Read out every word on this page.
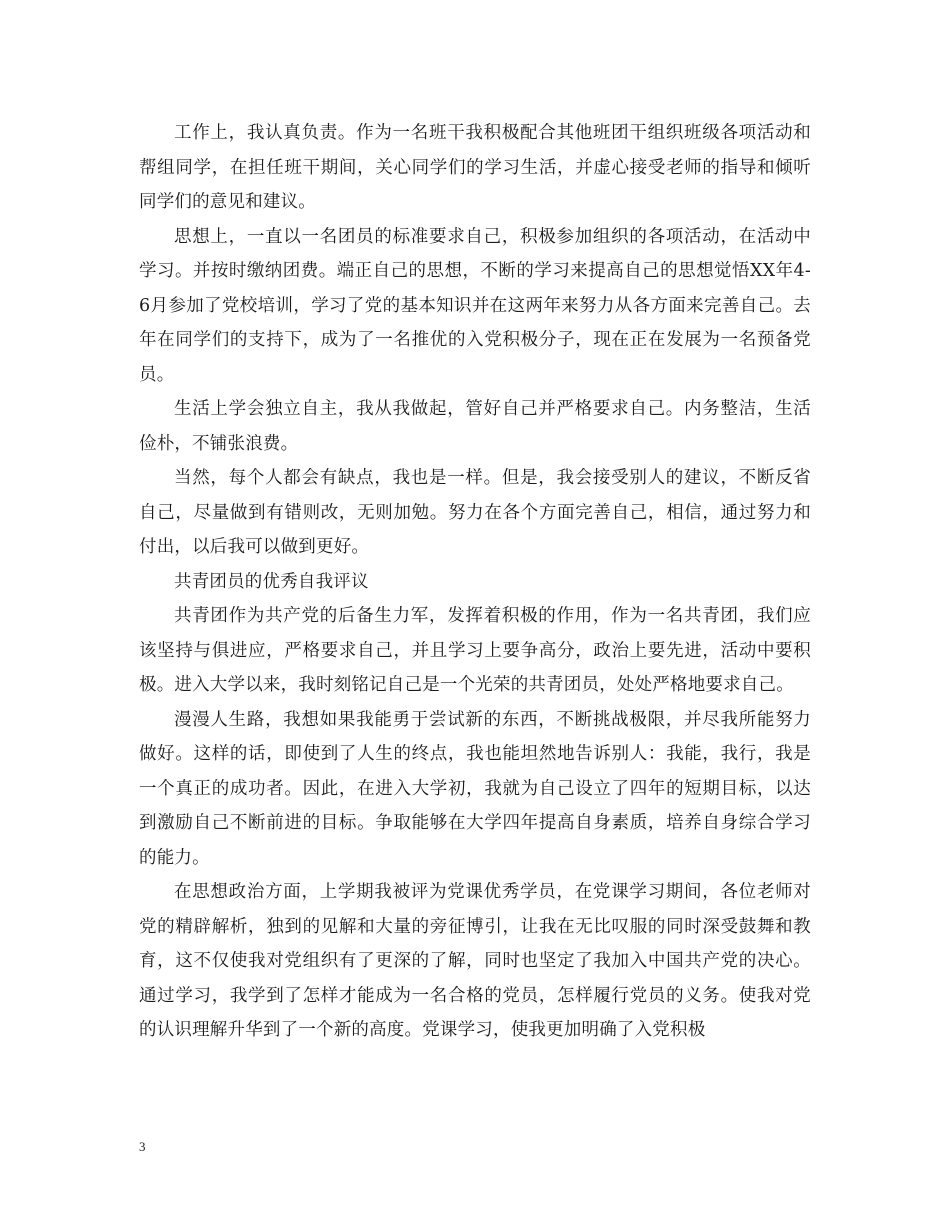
工作上，我认真负责。作为一名班干我积极配合其他班团干组织班级各项活动和帮组同学，在担任班干期间，关心同学们的学习生活，并虚心接受老师的指导和倾听同学们的意见和建议。

思想上，一直以一名团员的标准要求自己，积极参加组织的各项活动，在活动中学习。并按时缴纳团费。端正自己的思想，不断的学习来提高自己的思想觉悟XX年4-6月参加了党校培训，学习了党的基本知识并在这两年来努力从各方面来完善自己。去年在同学们的支持下，成为了一名推优的入党积极分子，现在正在发展为一名预备党员。

生活上学会独立自主，我从我做起，管好自己并严格要求自己。内务整洁，生活俭朴，不铺张浪费。

当然，每个人都会有缺点，我也是一样。但是，我会接受别人的建议，不断反省自己，尽量做到有错则改，无则加勉。努力在各个方面完善自己，相信，通过努力和付出，以后我可以做到更好。

共青团员的优秀自我评议

共青团作为共产党的后备生力军，发挥着积极的作用，作为一名共青团，我们应该坚持与俱进应，严格要求自己，并且学习上要争高分，政治上要先进，活动中要积极。进入大学以来，我时刻铭记自己是一个光荣的共青团员，处处严格地要求自己。

漫漫人生路，我想如果我能勇于尝试新的东西，不断挑战极限，并尽我所能努力做好。这样的话，即使到了人生的终点，我也能坦然地告诉别人：我能，我行，我是一个真正的成功者。因此，在进入大学初，我就为自己设立了四年的短期目标，以达到激励自己不断前进的目标。争取能够在大学四年提高自身素质，培养自身综合学习的能力。

在思想政治方面，上学期我被评为党课优秀学员，在党课学习期间，各位老师对党的精辟解析，独到的见解和大量的旁征博引，让我在无比叹服的同时深受鼓舞和教育，这不仅使我对党组织有了更深的了解，同时也坚定了我加入中国共产党的决心。通过学习，我学到了怎样才能成为一名合格的党员，怎样履行党员的义务。使我对党的认识理解升华到了一个新的高度。党课学习，使我更加明确了入党积极

3
